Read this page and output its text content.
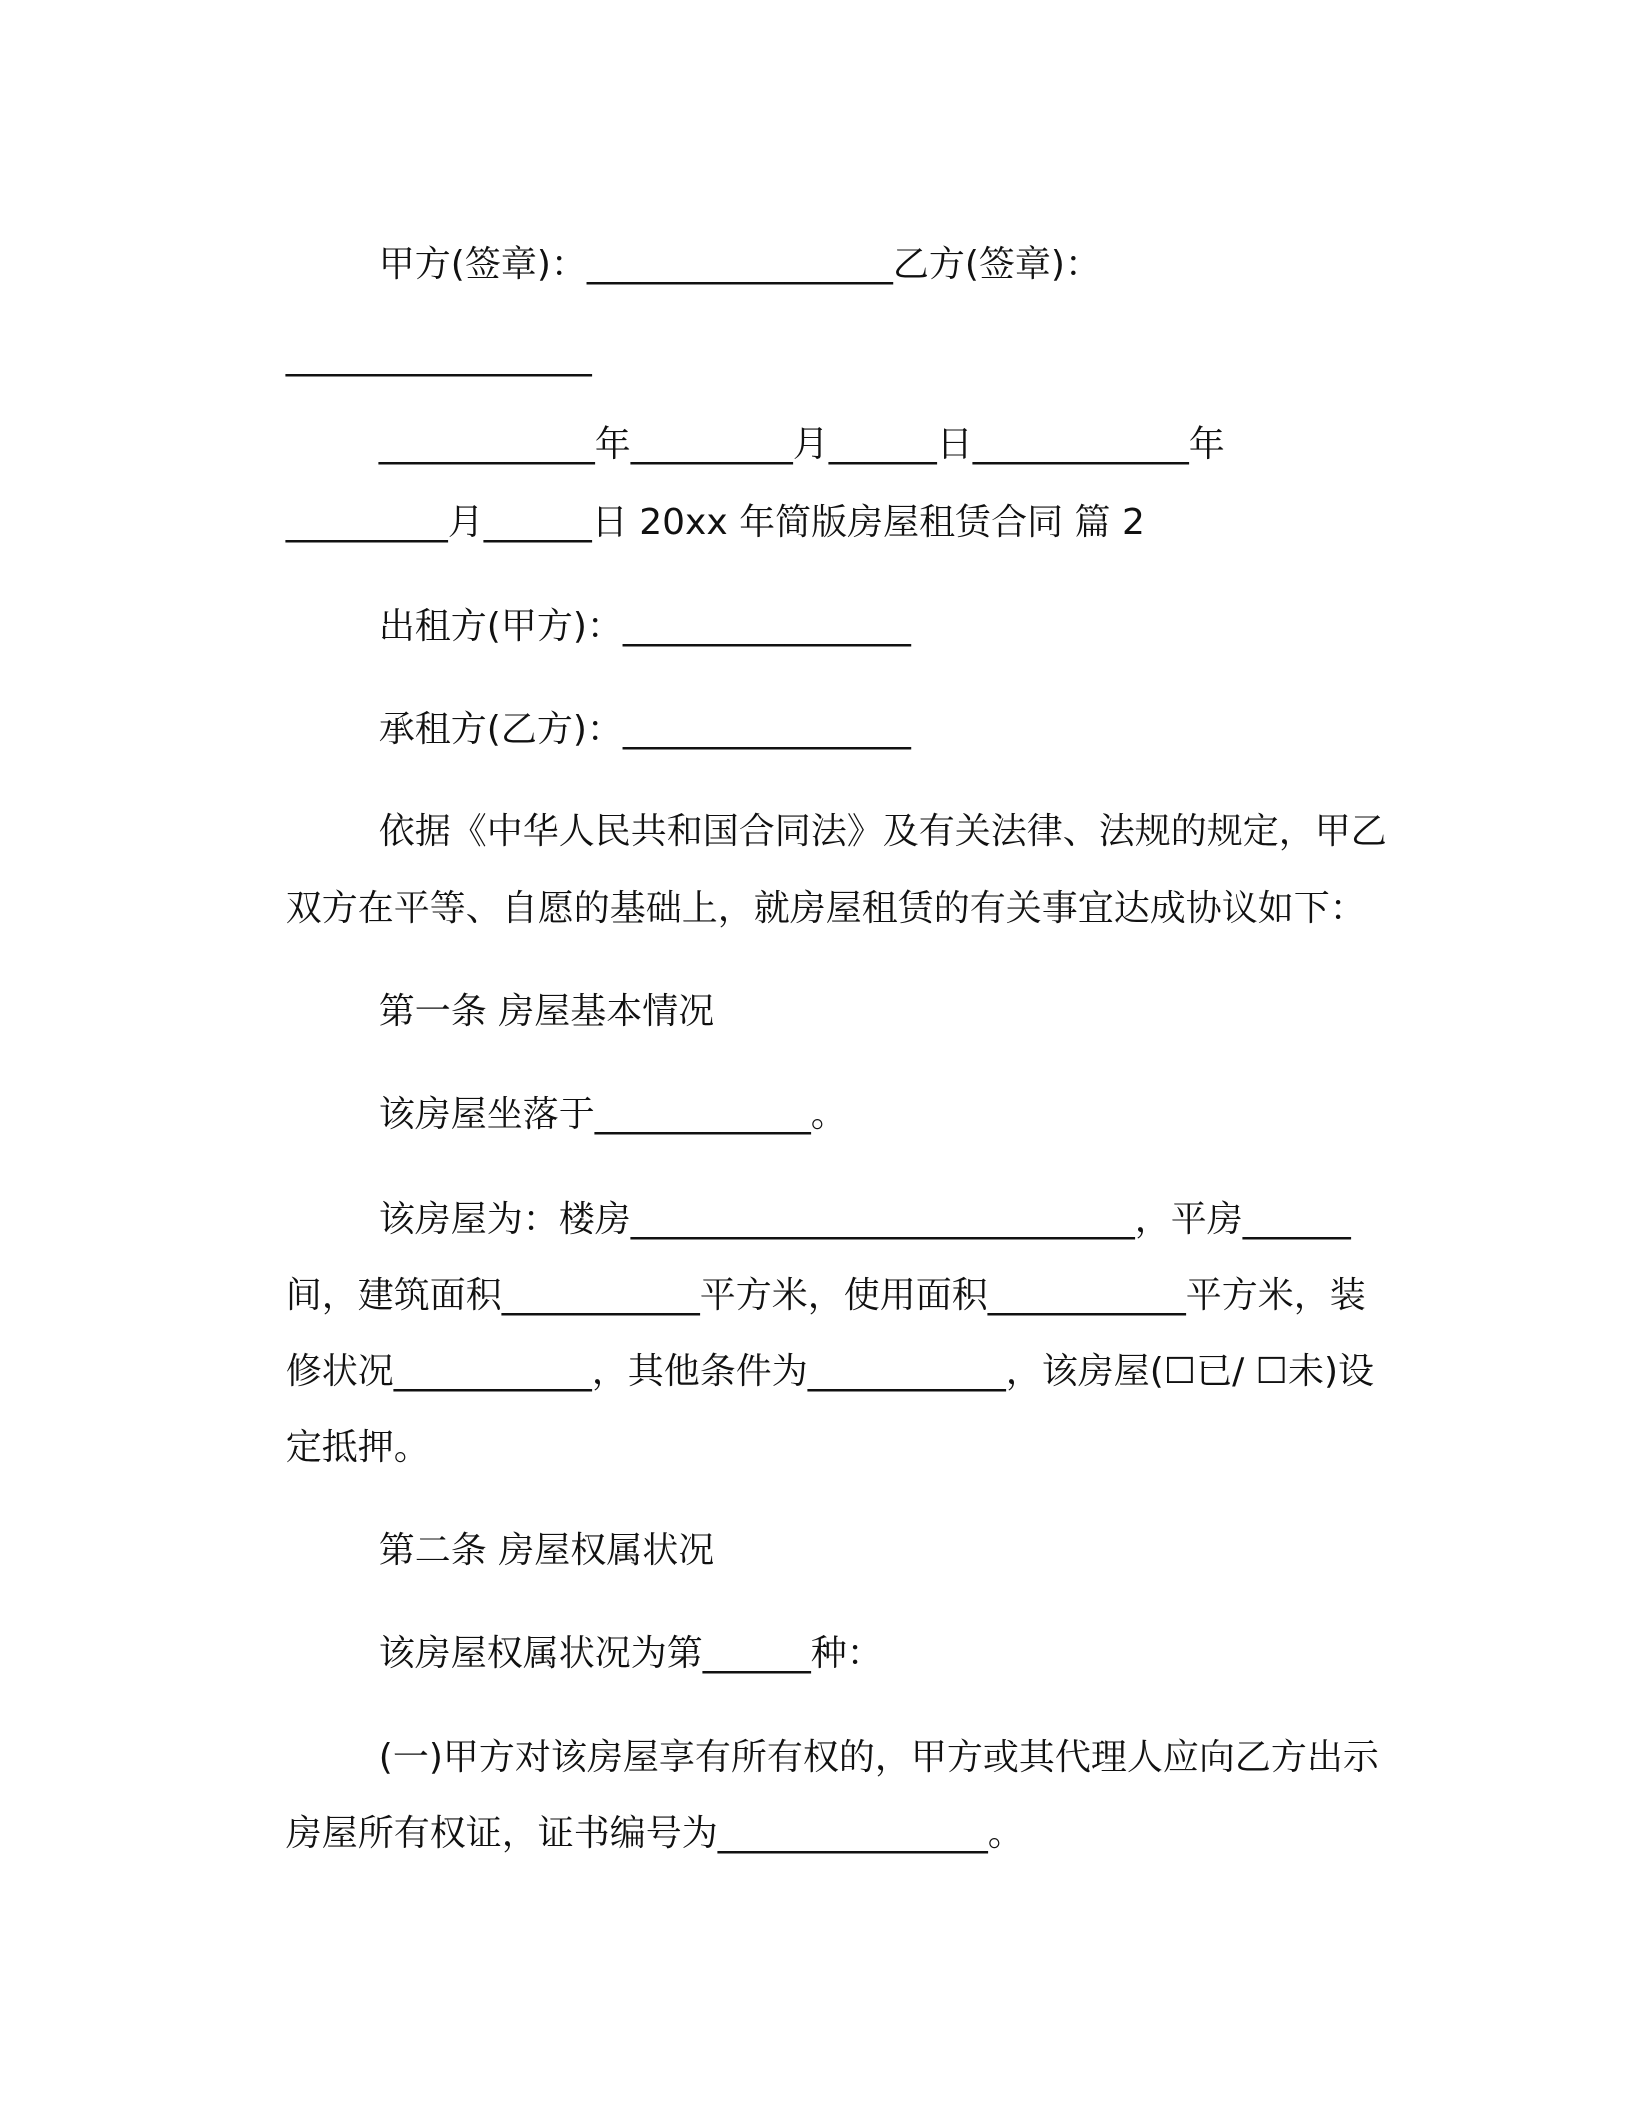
甲方(签章)：_________________乙方(签章)：

_________________

____________年_________月______日____________年

_________月______日 20xx 年简版房屋租赁合同 篇 2

出租方(甲方)：________________

承租方(乙方)：________________

依据《中华人民共和国合同法》及有关法律、法规的规定，甲乙

双方在平等、自愿的基础上，就房屋租赁的有关事宜达成协议如下：

第一条 房屋基本情况

该房屋坐落于____________。

该房屋为：楼房____________________________，平房______

间，建筑面积___________平方米，使用面积___________平方米，装

修状况___________，其他条件为___________，该房屋(☐已/ ☐未)设

定抵押。

第二条 房屋权属状况

该房屋权属状况为第______种：

(一)甲方对该房屋享有所有权的，甲方或其代理人应向乙方出示

房屋所有权证，证书编号为_______________。
